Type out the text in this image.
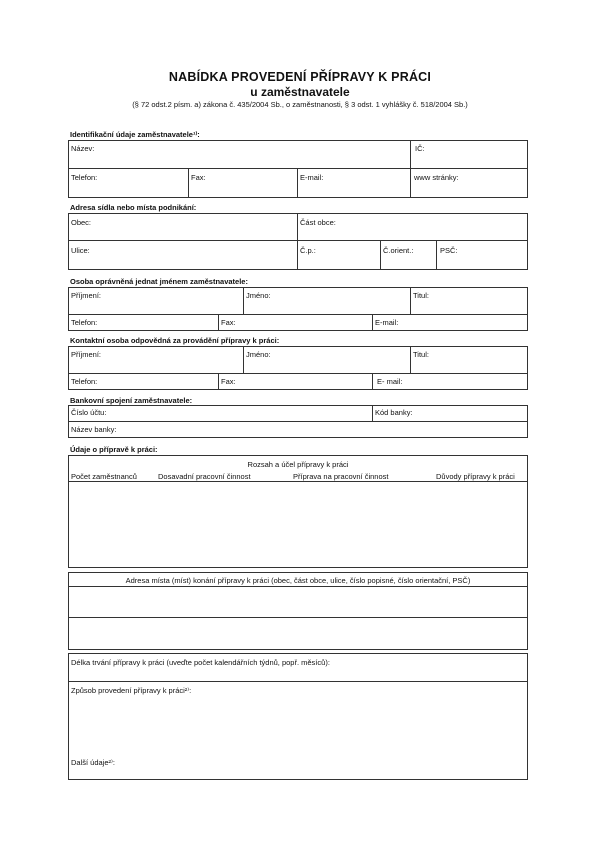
NABÍDKA PROVEDENÍ PŘÍPRAVY K PRÁCI
u zaměstnavatele
(§ 72 odst.2 písm. a) zákona č. 435/2004 Sb., o zaměstnanosti, § 3 odst. 1 vyhlášky č. 518/2004 Sb.)
Identifikační údaje zaměstnavatele¹⁾:
Název:	IČ:
Telefon:	Fax:	E-mail:	www stránky:
Adresa sídla nebo místa podnikání:
Obec:	Část obce:
Ulice:	Č.p.:	Č.orient.:	PSČ:
Osoba oprávněná jednat jménem zaměstnavatele:
Příjmení:	Jméno:	Titul:
Telefon:	Fax:	E-mail:
Kontaktní osoba odpovědná za provádění přípravy k práci:
Příjmení:	Jméno:	Titul:
Telefon:	Fax:	E- mail:
Bankovní spojení zaměstnavatele:
Číslo účtu:	Kód banky:
Název banky:
Údaje o přípravě k práci:
Rozsah a účel přípravy k práci
Počet zaměstnanců	Dosavadní pracovní činnost	Příprava na pracovní činnost	Důvody přípravy k práci
Adresa místa (míst) konání přípravy k práci (obec, část obce, ulice, číslo popisné, číslo orientační, PSČ)
Délka trvání přípravy k práci (uveďte počet kalendářních týdnů, popř. měsíců):
Způsob provedení přípravy k práci²⁾:
Další údaje²⁾:
